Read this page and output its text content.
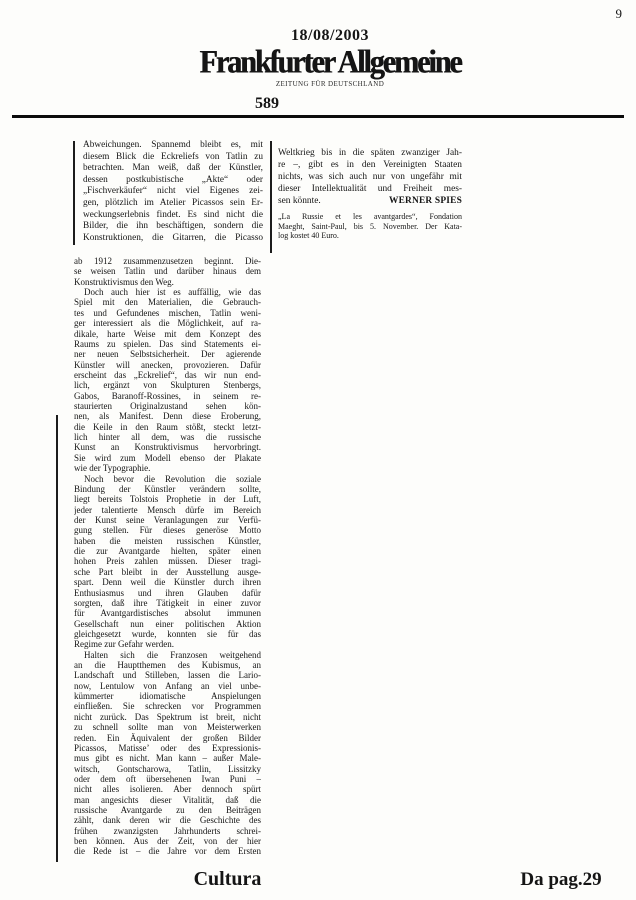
9
18/08/2003
Frankfurter Allgemeine
ZEITUNG FÜR DEUTSCHLAND
589
Abweichungen. Spannemd bleibt es, mit
diesem Blick die Eckreliefs von Tatlin zu
betrachten. Man weiß, daß der Künstler,
dessen postkubistische „Akte“ oder
„Fischverkäufer“ nicht viel Eigenes zei-
gen, plötzlich im Atelier Picassos sein Er-
weckungserlebnis findet. Es sind nicht die
Bilder, die ihn beschäftigen, sondern die
Konstruktionen, die Gitarren, die Picasso
ab 1912 zusammenzusetzen beginnt. Die-
se weisen Tatlin und darüber hinaus dem
Konstruktivismus den Weg.
Doch auch hier ist es auffällig, wie das
Spiel mit den Materialien, die Gebrauch-
tes und Gefundenes mischen, Tatlin weni-
ger interessiert als die Möglichkeit, auf ra-
dikale, harte Weise mit dem Konzept des
Raums zu spielen. Das sind Statements ei-
ner neuen Selbstsicherheit. Der agierende
Künstler will anecken, provozieren. Dafür
erscheint das „Eckrelief“, das wir nun end-
lich, ergänzt von Skulpturen Stenbergs,
Gabos, Baranoff-Rossines, in seinem re-
staurierten Originalzustand sehen kön-
nen, als Manifest. Denn diese Eroberung,
die Keile in den Raum stößt, steckt letzt-
lich hinter all dem, was die russische
Kunst an Konstruktivismus hervorbringt.
Sie wird zum Modell ebenso der Plakate
wie der Typographie.
Noch bevor die Revolution die soziale
Bindung der Künstler verändern sollte,
liegt bereits Tolstois Prophetie in der Luft,
jeder talentierte Mensch dürfe im Bereich
der Kunst seine Veranlagungen zur Verfü-
gung stellen. Für dieses generöse Motto
haben die meisten russischen Künstler,
die zur Avantgarde hielten, später einen
hohen Preis zahlen müssen. Dieser tragi-
sche Part bleibt in der Ausstellung ausge-
spart. Denn weil die Künstler durch ihren
Enthusiasmus und ihren Glauben dafür
sorgten, daß ihre Tätigkeit in einer zuvor
für Avantgardistisches absolut immunen
Gesellschaft nun einer politischen Aktion
gleichgesetzt wurde, konnten sie für das
Regime zur Gefahr werden.
Halten sich die Franzosen weitgehend
an die Hauptthemen des Kubismus, an
Landschaft und Stilleben, lassen die Lario-
now, Lentulow von Anfang an viel unbe-
kümmerter idiomatische Anspielungen
einfließen. Sie schrecken vor Programmen
nicht zurück. Das Spektrum ist breit, nicht
zu schnell sollte man von Meisterwerken
reden. Ein Äquivalent der großen Bilder
Picassos, Matisse’ oder des Expressionis-
mus gibt es nicht. Man kann – außer Male-
witsch, Gontscharowa, Tatlin, Lissitzky
oder dem oft übersehenen Iwan Puni –
nicht alles isolieren. Aber dennoch spürt
man angesichts dieser Vitalität, daß die
russische Avantgarde zu den Beiträgen
zählt, dank deren wir die Geschichte des
frühen zwanzigsten Jahrhunderts schrei-
ben können. Aus der Zeit, von der hier
die Rede ist – die Jahre vor dem Ersten
Weltkrieg bis in die späten zwanziger Jah-
re –, gibt es in den Vereinigten Staaten
nichts, was sich auch nur von ungefähr mit
dieser Intellektualität und Freiheit mes-
sen könnte.	WERNER SPIES
„La Russie et les avantgardes“, Fondation
Maeght, Saint-Paul, bis 5. November. Der Kata-
log kostet 40 Euro.
Cultura	Da pag.29
